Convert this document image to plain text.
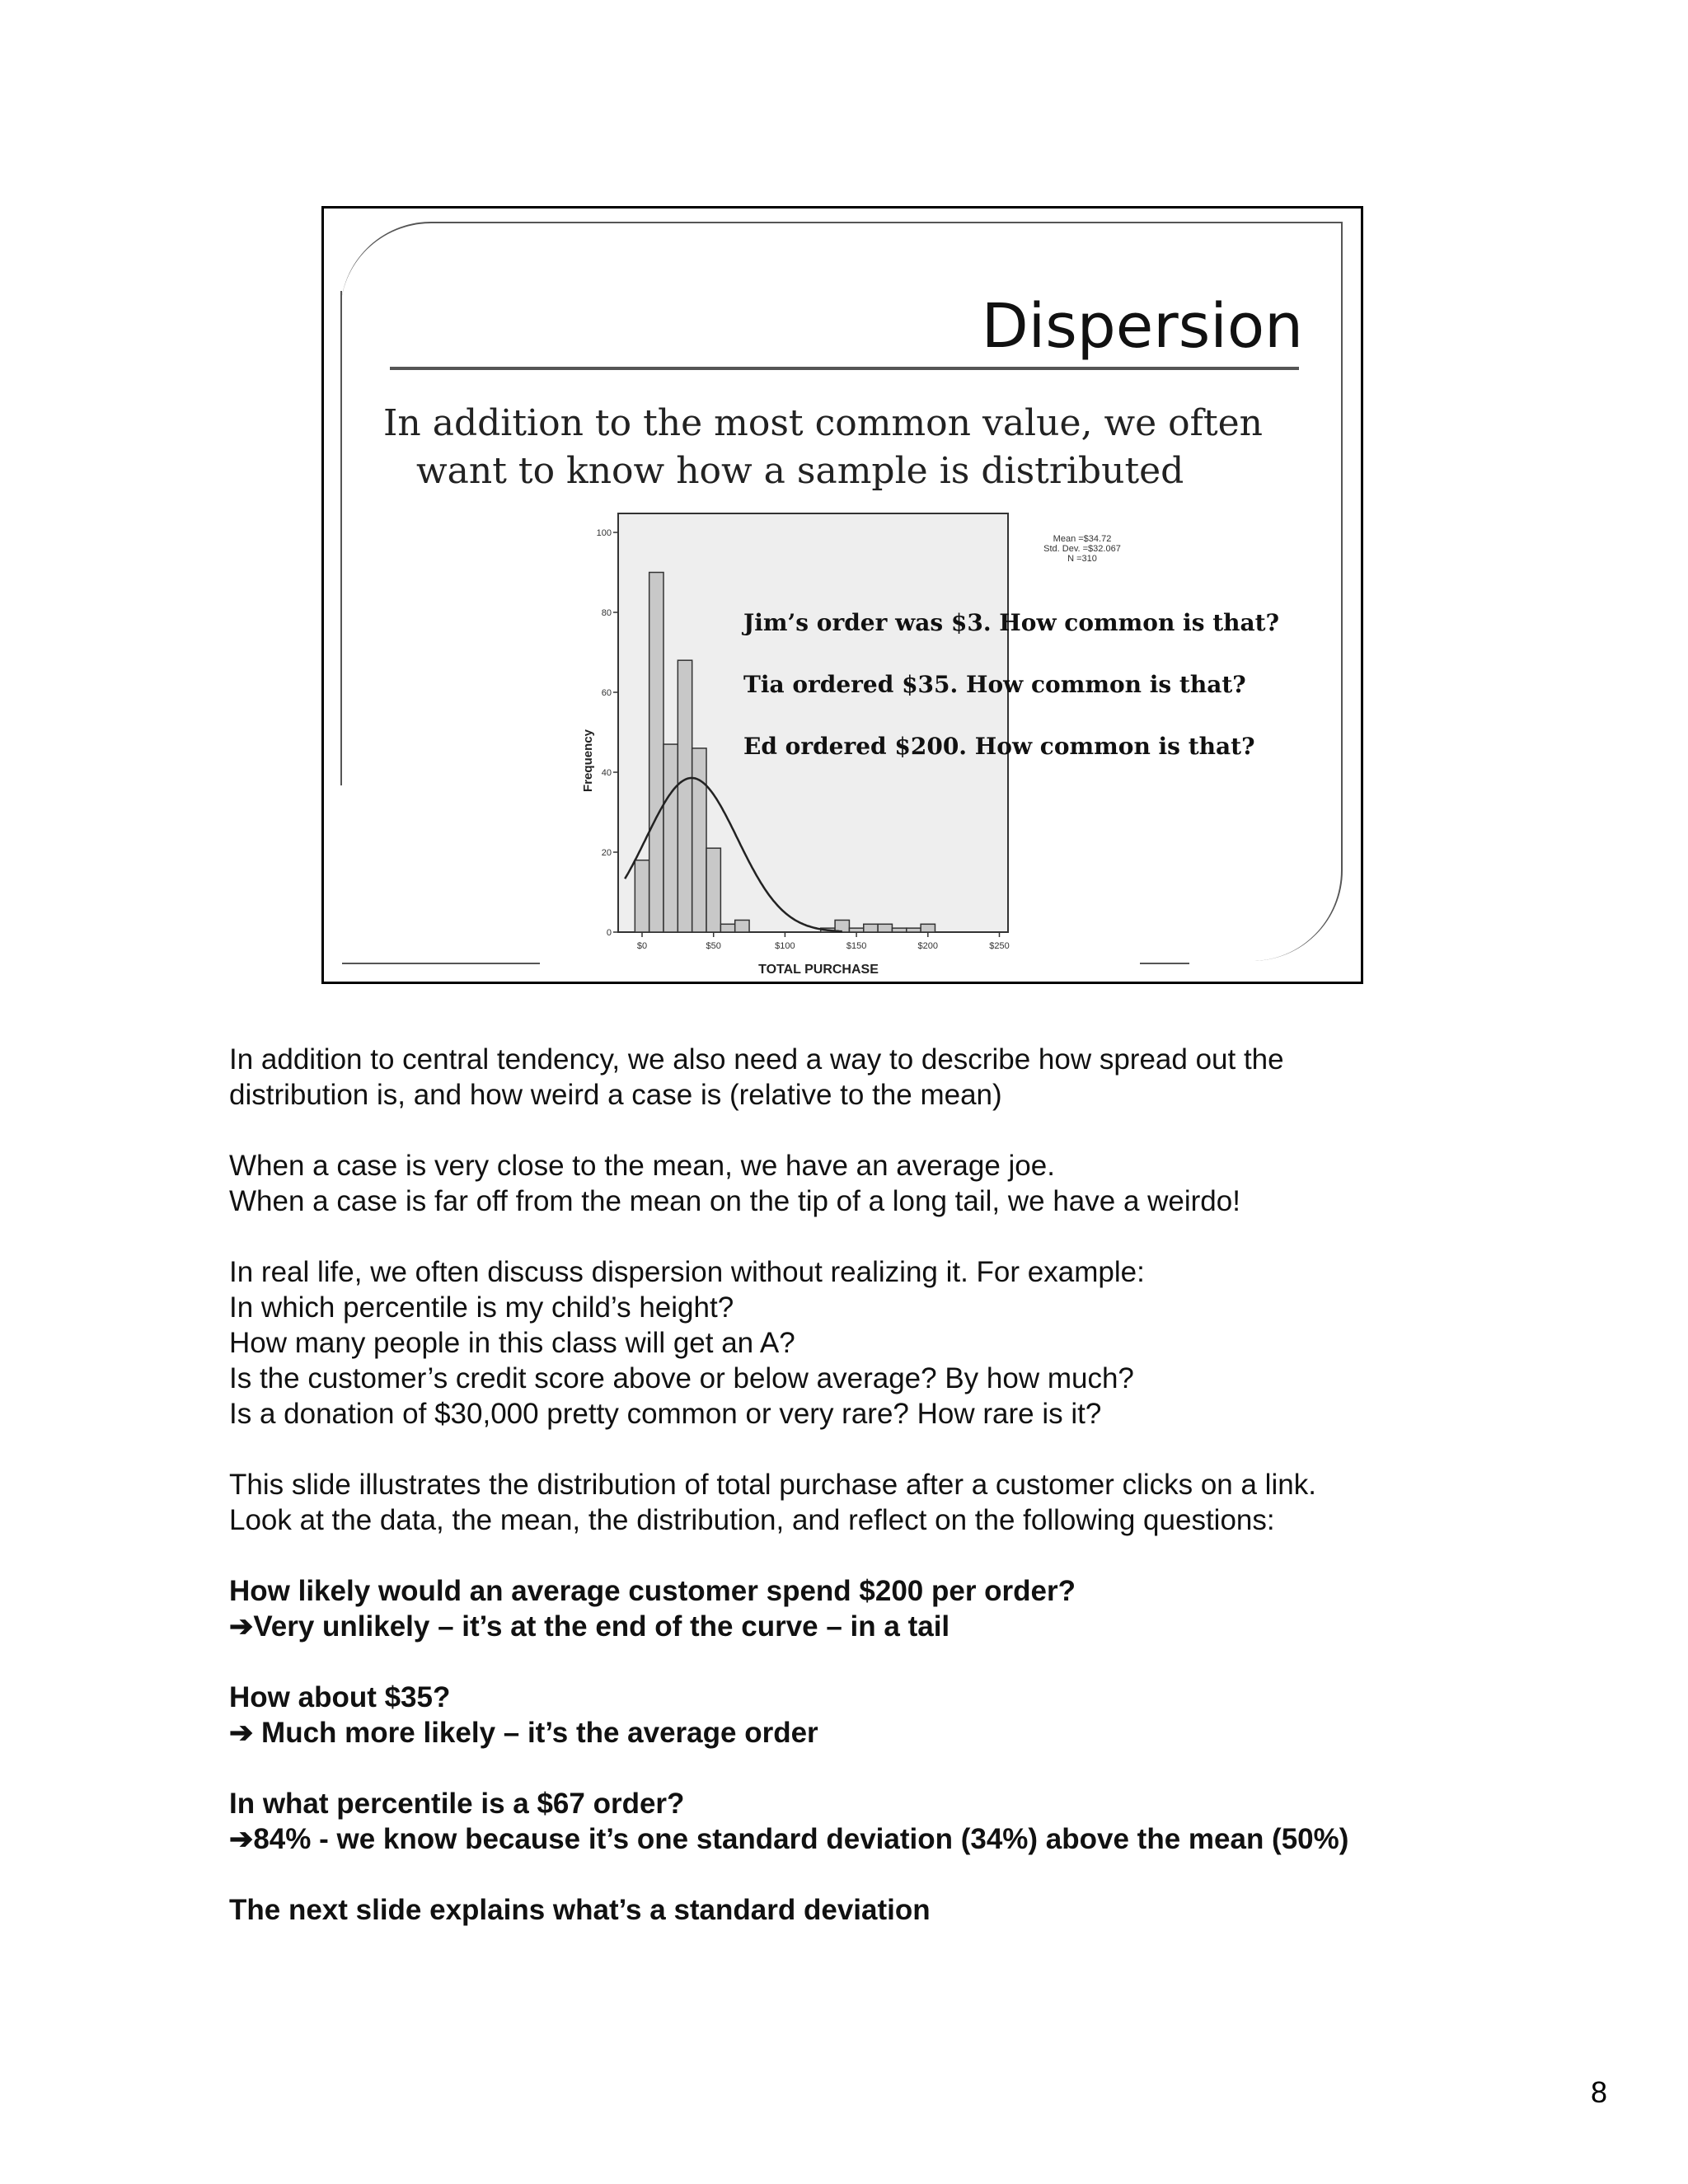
Dispersion
In addition to the most common value, we often
want to know how a sample is distributed
0
20
40
60
80
100
$0	$50	$100	$150	$200	$250
Frequency
TOTAL PURCHASE
Mean =$34.72
Std. Dev. =$32.067
N =310
Jim’s order was $3. How common is that?
Tia ordered $35. How common is that?
Ed ordered $200. How common is that?

In addition to central tendency, we also need a way to describe how spread out the

distribution is, and how weird a case is (relative to the mean)

When a case is very close to the mean, we have an average joe.

When a case is far off from the mean on the tip of a long tail, we have a weirdo!

In real life, we often discuss dispersion without realizing it. For example:

In which percentile is my child’s height?

How many people in this class will get an A?

Is the customer’s credit score above or below average? By how much?

Is a donation of $30,000 pretty common or very rare? How rare is it?

This slide illustrates the distribution of total purchase after a customer clicks on a link.

Look at the data, the mean, the distribution, and reflect on the following questions:

How likely would an average customer spend $200 per order?

➔Very unlikely – it’s at the end of the curve – in a tail

How about $35?

➔ Much more likely – it’s the average order

In what percentile is a $67 order?

➔84% - we know because it’s one standard deviation (34%) above the mean (50%)

The next slide explains what’s a standard deviation

8
